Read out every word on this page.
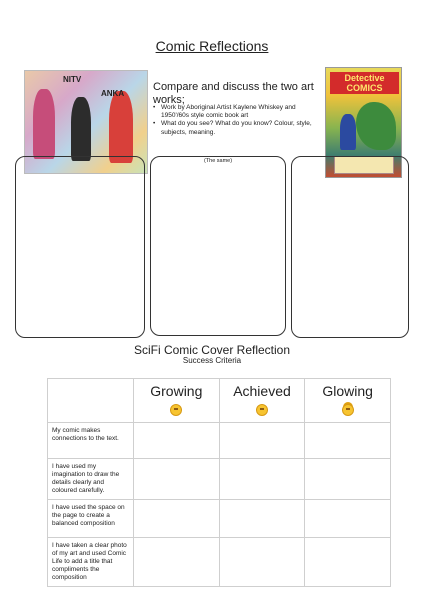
Comic Reflections
NITV
ANKA
Compare and discuss the two art works;
• Work by Aboriginal Artist Kaylene Whiskey and 1950'/60s style comic book art
• What do you see? What do you know? Colour, style, subjects, meaning.
Detective COMICS
(The same)
SciFi Comic Cover Reflection
Success Criteria

	Growing	Achieved	Glowing

My comic makes connections to the text.			
I have used my imagination to draw the details clearly and coloured carefully.			
I have used the space on the page to create a balanced composition			
I have taken a clear photo of my art and used Comic Life to add a title that compliments the composition			
